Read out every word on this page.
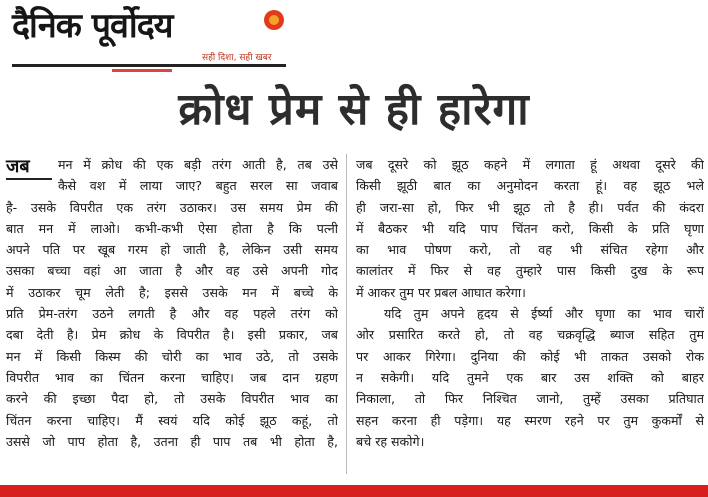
दैनिक पूर्वोदय
सही दिशा, सही खबर
क्रोध प्रेम से ही हारेगा
जब	मन में क्रोध की एक बड़ी तरंग आती है, तब उसे
कैसे वश में लाया जाए? बहुत सरल सा जवाब
है- उसके विपरीत एक तरंग उठाकर। उस समय प्रेम की
बात मन में लाओ। कभी-कभी ऐसा होता है कि पत्नी
अपने पति पर खूब गरम हो जाती है, लेकिन उसी समय
उसका बच्चा वहां आ जाता है और वह उसे अपनी गोद
में उठाकर चूम लेती है; इससे उसके मन में बच्चे के
प्रति प्रेम-तरंग उठने लगती है और वह पहले तरंग को
दबा देती है। प्रेम क्रोध के विपरीत है। इसी प्रकार, जब
मन में किसी किस्म की चोरी का भाव उठे, तो उसके
विपरीत भाव का चिंतन करना चाहिए। जब दान ग्रहण
करने की इच्छा पैदा हो, तो उसके विपरीत भाव का
चिंतन करना चाहिए। मैं स्वयं यदि कोई झूठ कहूं, तो
उससे जो पाप होता है, उतना ही पाप तब भी होता है,
जब दूसरे को झूठ कहने में लगाता हूं अथवा दूसरे की
किसी झूठी बात का अनुमोदन करता हूं। वह झूठ भले
ही जरा-सा हो, फिर भी झूठ तो है ही। पर्वत की कंदरा
में बैठकर भी यदि पाप चिंतन करो, किसी के प्रति घृणा
का भाव पोषण करो, तो वह भी संचित रहेगा और
कालांतर में फिर से वह तुम्हारे पास किसी दुख के रूप
में आकर तुम पर प्रबल आघात करेगा।
यदि तुम अपने हृदय से ईर्ष्या और घृणा का भाव चारों
ओर प्रसारित करते हो, तो वह चक्रवृद्धि ब्याज सहित तुम
पर आकर गिरेगा। दुनिया की कोई भी ताकत उसको रोक
न सकेगी। यदि तुमने एक बार उस शक्ति को बाहर
निकाला, तो फिर निश्चित जानो, तुम्हें उसका प्रतिघात
सहन करना ही पड़ेगा। यह स्मरण रहने पर तुम कुकर्मों से
बचे रह सकोगे।
